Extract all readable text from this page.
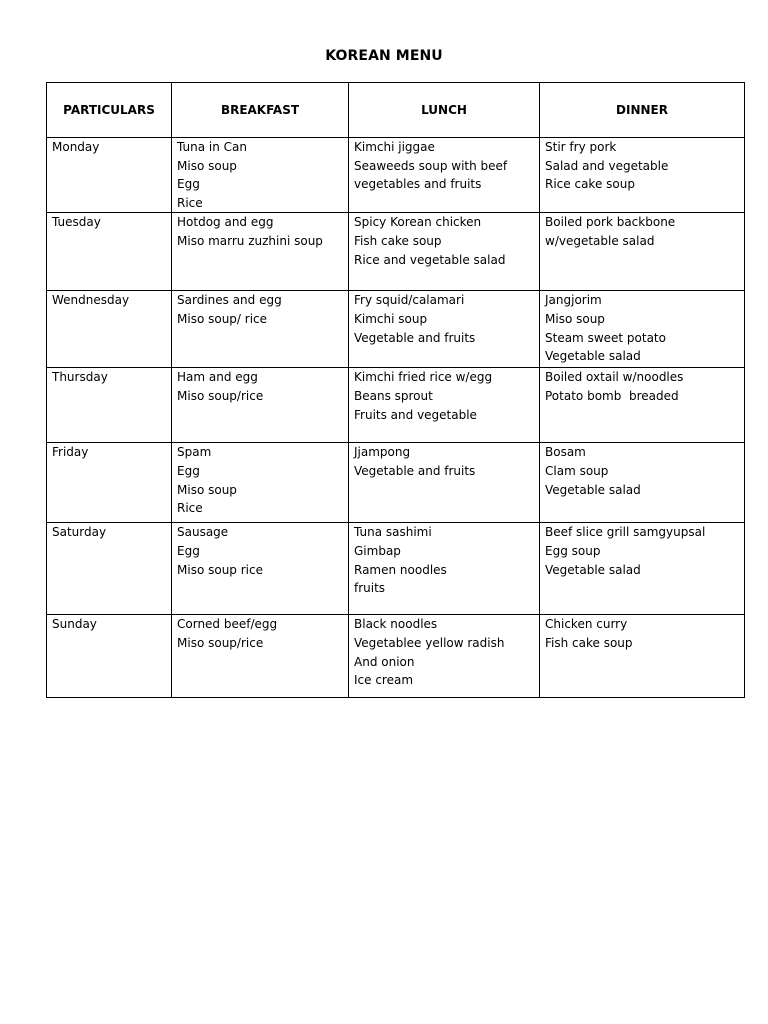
KOREAN MENU
PARTICULARS	BREAKFAST	LUNCH	DINNER

Monday	Tuna in Can
Miso soup
Egg
Rice	Kimchi jiggae
Seaweeds soup with beef
vegetables and fruits	Stir fry pork
Salad and vegetable
Rice cake soup

Tuesday	Hotdog and egg
Miso marru zuzhini soup	Spicy Korean chicken
Fish cake soup
Rice and vegetable salad	Boiled pork backbone
w/vegetable salad

Wendnesday	Sardines and egg
Miso soup/ rice	Fry squid/calamari
Kimchi soup
Vegetable and fruits	Jangjorim
Miso soup
Steam sweet potato
Vegetable salad

Thursday	Ham and egg
Miso soup/rice	Kimchi fried rice w/egg
Beans sprout
Fruits and vegetable	Boiled oxtail w/noodles
Potato bomb  breaded

Friday	Spam
Egg
Miso soup
Rice	Jjampong
Vegetable and fruits	Bosam
Clam soup
Vegetable salad

Saturday	Sausage
Egg
Miso soup rice	Tuna sashimi
Gimbap
Ramen noodles
fruits	Beef slice grill samgyupsal
Egg soup
Vegetable salad

Sunday	Corned beef/egg
Miso soup/rice	Black noodles
Vegetablee yellow radish
And onion
Ice cream	Chicken curry
Fish cake soup
